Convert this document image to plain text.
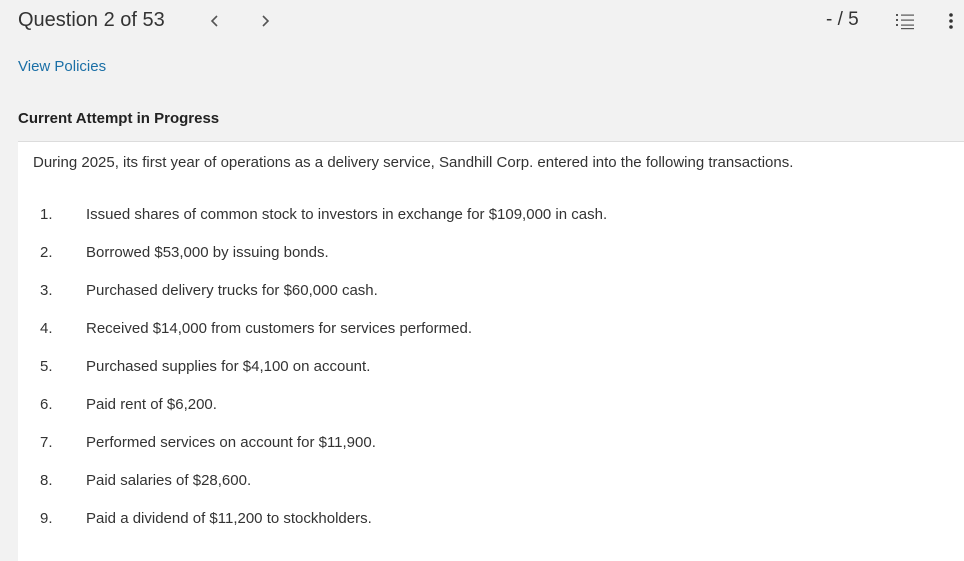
Question 2 of 53	- / 5
View Policies
Current Attempt in Progress
During 2025, its first year of operations as a delivery service, Sandhill Corp. entered into the following transactions.
1. Issued shares of common stock to investors in exchange for $109,000 in cash.
2. Borrowed $53,000 by issuing bonds.
3. Purchased delivery trucks for $60,000 cash.
4. Received $14,000 from customers for services performed.
5. Purchased supplies for $4,100 on account.
6. Paid rent of $6,200.
7. Performed services on account for $11,900.
8. Paid salaries of $28,600.
9. Paid a dividend of $11,200 to stockholders.
